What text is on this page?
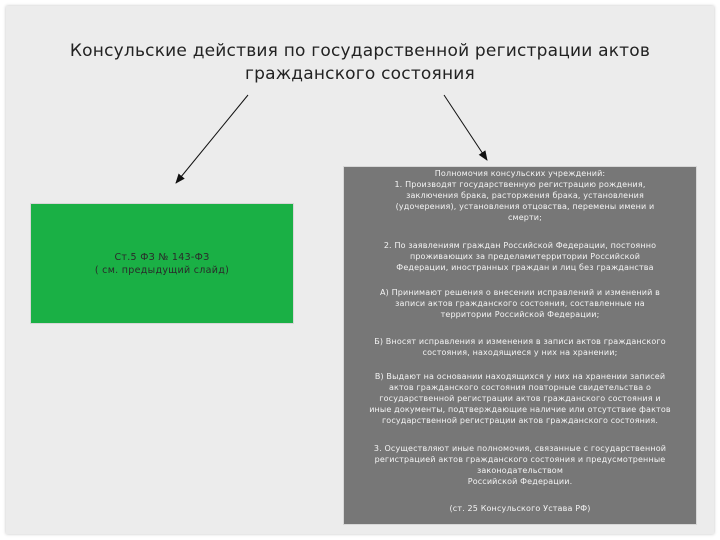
Консульские действия по государственной регистрации актов
гражданского состояния
Ст.5 ФЗ № 143-ФЗ
( см. предыдущий слайд)
Полномочия консульских учреждений:
1. Производят государственную регистрацию рождения,
заключения брака, расторжения брака, установления
(удочерения), установления отцовства, перемены имени и
смерти;
2. По заявлениям граждан Российской Федерации, постоянно
проживающих за пределамитерритории Российской
Федерации, иностранных граждан и лиц без гражданства
А) Принимают решения о внесении исправлений и изменений в
записи актов гражданского состояния, составленные на
территории Российской Федерации;
Б) Вносят исправления и изменения в записи актов гражданского
состояния, находящиеся у них на хранении;
В) Выдают на основании находящихся у них на хранении записей
актов гражданского состояния повторные свидетельства о
государственной регистрации актов гражданского состояния и
иные документы, подтверждающие наличие или отсутствие фактов
государственной регистрации актов гражданского состояния.
3. Осуществляют иные полномочия, связанные с государственной
регистрацией актов гражданского состояния и предусмотренные
законодательством
Российской Федерации.
(ст. 25 Консульского Устава РФ)
